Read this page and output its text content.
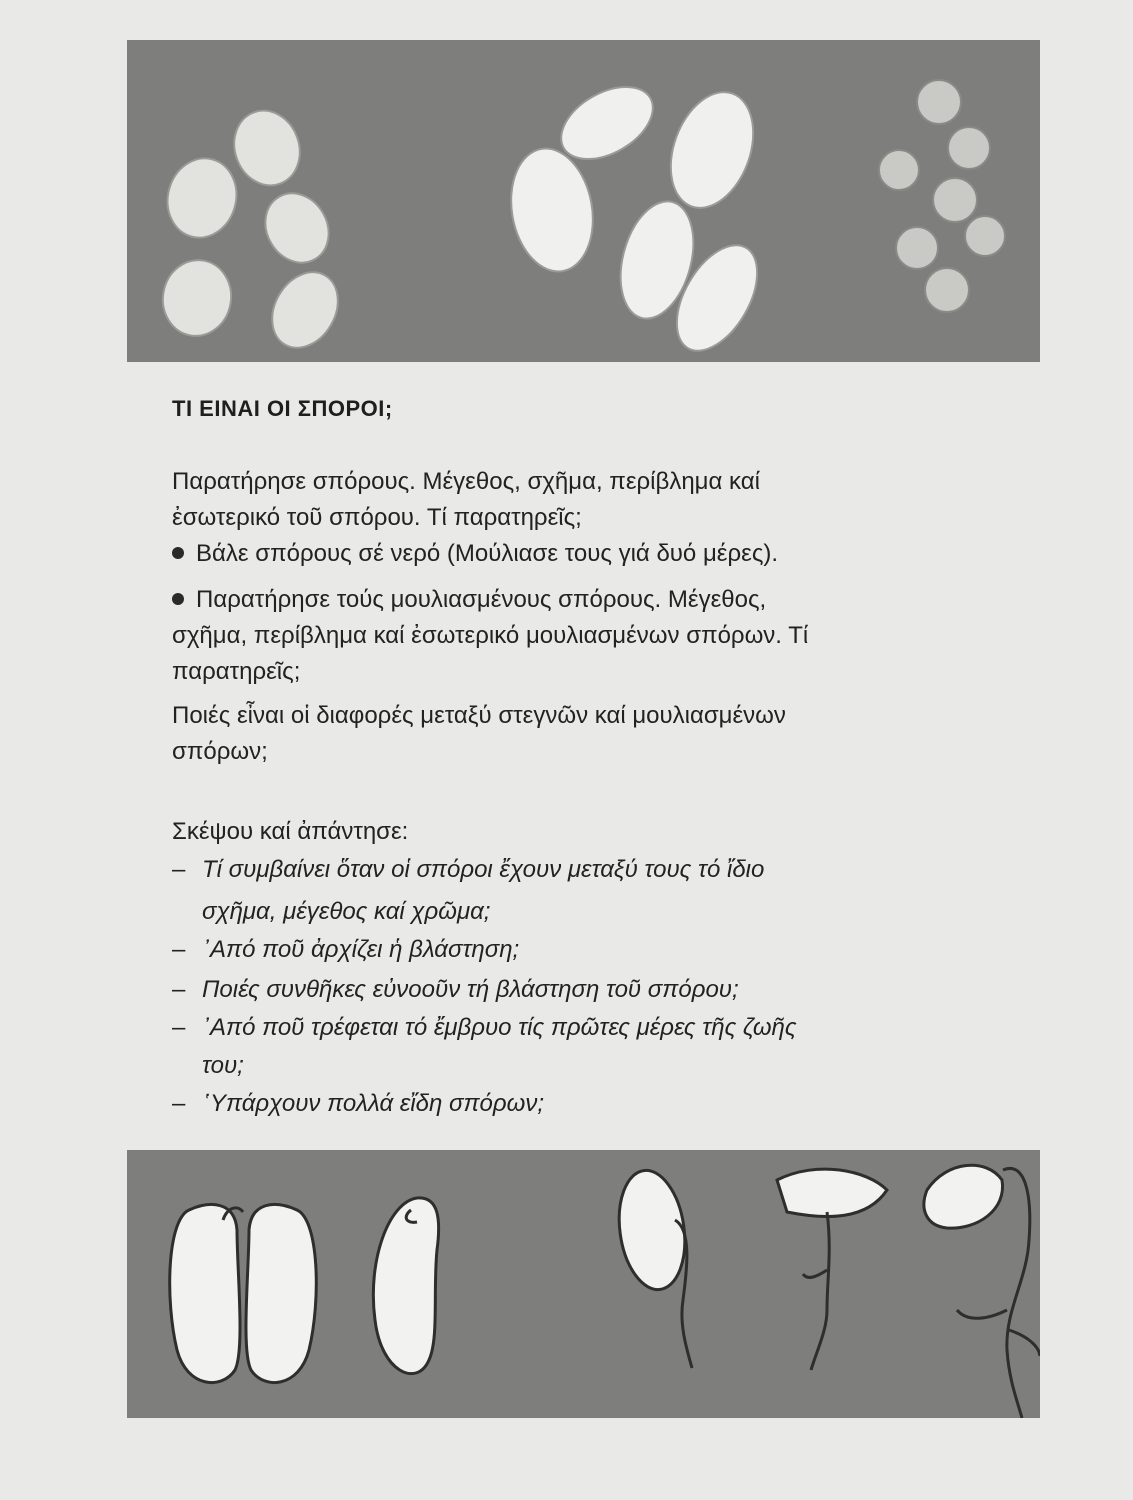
ΤΙ ΕΙΝΑΙ ΟΙ ΣΠΟΡΟΙ;
Παρατήρησε σπόρους. Μέγεθος, σχῆμα, περίβλημα καί
ἐσωτερικό τοῦ σπόρου. Τί παρατηρεῖς;
Βάλε σπόρους σέ νερό (Μούλιασε τους γιά δυό μέρες).
Παρατήρησε τούς μουλιασμένους σπόρους. Μέγεθος,
σχῆμα, περίβλημα καί ἐσωτερικό μουλιασμένων σπόρων. Τί
παρατηρεῖς;
Ποιές εἶναι οἱ διαφορές μεταξύ στεγνῶν καί μουλιασμένων
σπόρων;
Σκέψου καί ἀπάντησε:
– Τί συμβαίνει ὅταν οἱ σπόροι ἔχουν μεταξύ τους τό ἴδιο
σχῆμα, μέγεθος καί χρῶμα;
– ᾿Από ποῦ ἀρχίζει ἡ βλάστηση;
– Ποιές συνθῆκες εὐνοοῦν τή βλάστηση τοῦ σπόρου;
– ᾿Από ποῦ τρέφεται τό ἔμβρυο τίς πρῶτες μέρες τῆς ζωῆς
του;
– ῾Υπάρχουν πολλά εἴδη σπόρων;
